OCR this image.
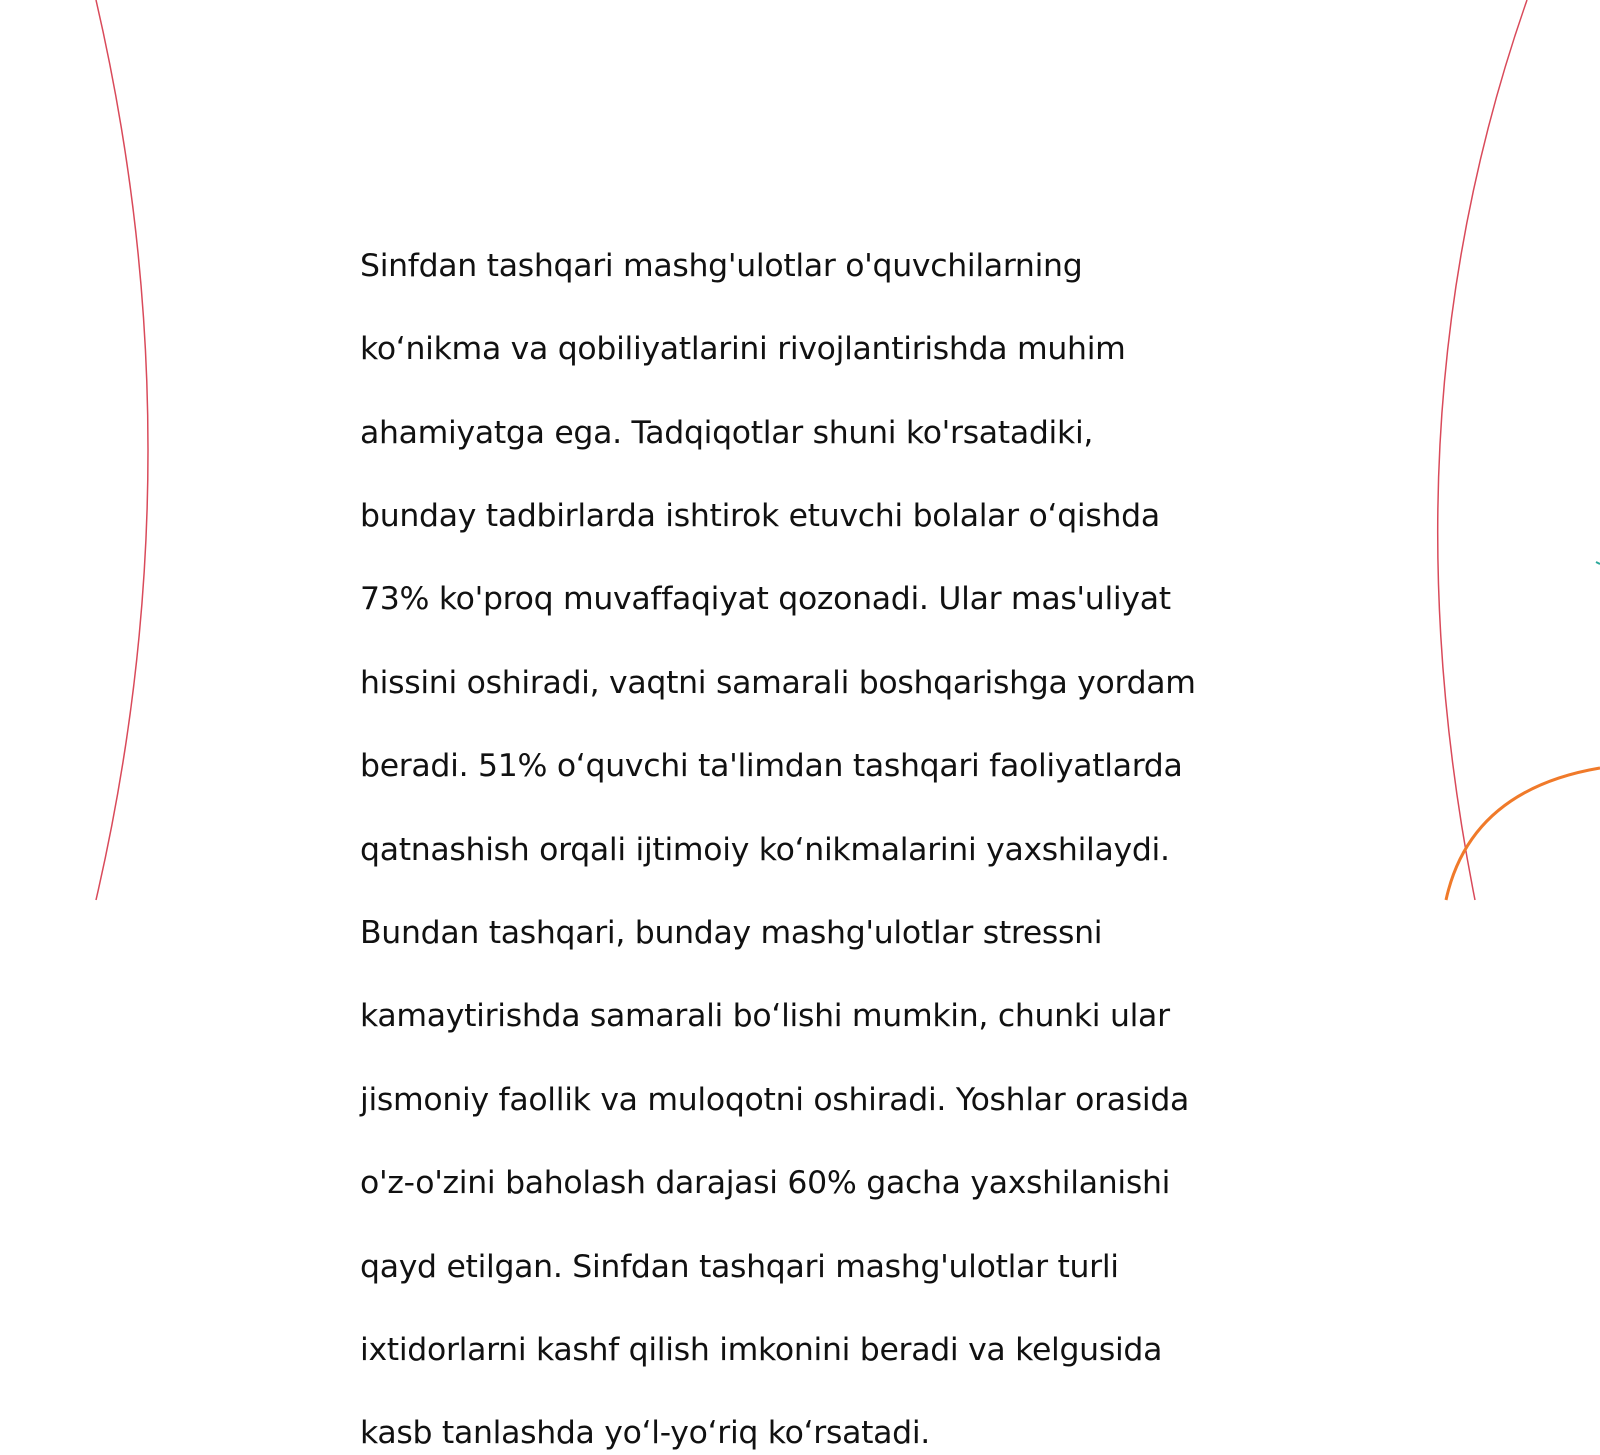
Sinfdan tashqari mashg'ulotlar o'quvchilarning

ko‘nikma va qobiliyatlarini rivojlantirishda muhim

ahamiyatga ega. Tadqiqotlar shuni ko'rsatadiki,

bunday tadbirlarda ishtirok etuvchi bolalar o‘qishda

73% ko'proq muvaffaqiyat qozonadi. Ular mas'uliyat

hissini oshiradi, vaqtni samarali boshqarishga yordam

beradi. 51% o‘quvchi ta'limdan tashqari faoliyatlarda

qatnashish orqali ijtimoiy ko‘nikmalarini yaxshilaydi.

Bundan tashqari, bunday mashg'ulotlar stressni

kamaytirishda samarali bo‘lishi mumkin, chunki ular

jismoniy faollik va muloqotni oshiradi. Yoshlar orasida

o'z-o'zini baholash darajasi 60% gacha yaxshilanishi

qayd etilgan. Sinfdan tashqari mashg'ulotlar turli

ixtidorlarni kashf qilish imkonini beradi va kelgusida

kasb tanlashda yo‘l-yo‘riq ko‘rsatadi.
